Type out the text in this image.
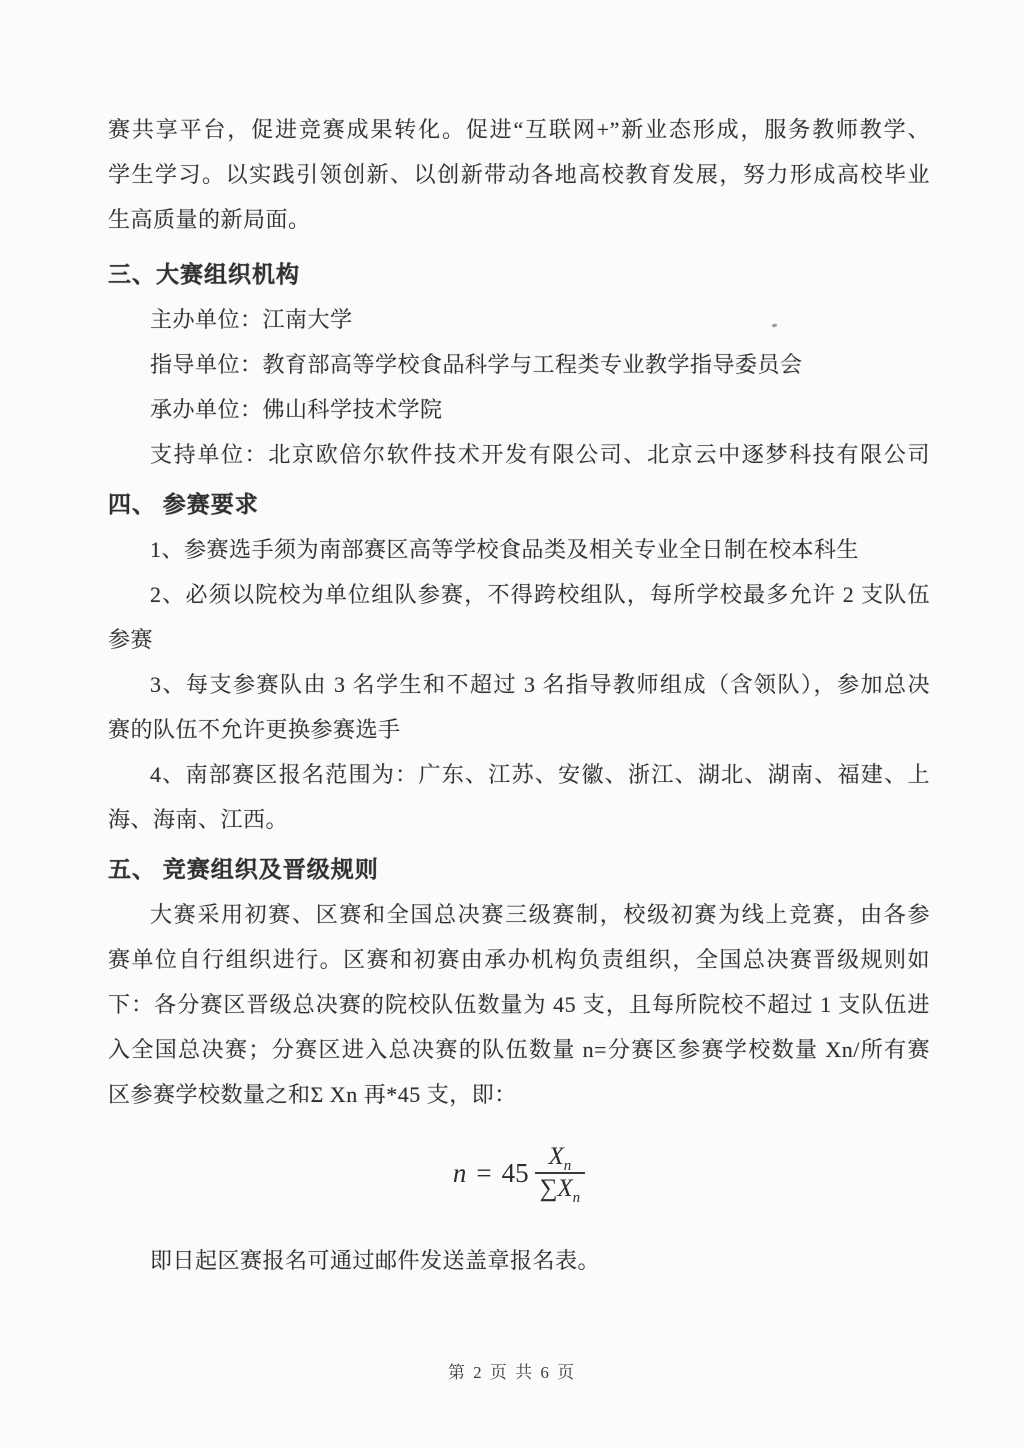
赛共享平台，促进竞赛成果转化。促进“互联网+”新业态形成，服务教师教学、
学生学习。以实践引领创新、以创新带动各地高校教育发展，努力形成高校毕业
生高质量的新局面。
三、大赛组织机构
主办单位：江南大学
指导单位：教育部高等学校食品科学与工程类专业教学指导委员会
承办单位：佛山科学技术学院
支持单位：北京欧倍尔软件技术开发有限公司、北京云中逐梦科技有限公司
四、 参赛要求
1、参赛选手须为南部赛区高等学校食品类及相关专业全日制在校本科生
2、必须以院校为单位组队参赛，不得跨校组队，每所学校最多允许 2 支队伍
参赛
3、每支参赛队由 3 名学生和不超过 3 名指导教师组成（含领队），参加总决
赛的队伍不允许更换参赛选手
4、南部赛区报名范围为：广东、江苏、安徽、浙江、湖北、湖南、福建、上
海、海南、江西。
五、 竞赛组织及晋级规则
大赛采用初赛、区赛和全国总决赛三级赛制，校级初赛为线上竞赛，由各参
赛单位自行组织进行。区赛和初赛由承办机构负责组织，全国总决赛晋级规则如
下：各分赛区晋级总决赛的院校队伍数量为 45 支，且每所院校不超过 1 支队伍进
入全国总决赛；分赛区进入总决赛的队伍数量 n=分赛区参赛学校数量 Xn/所有赛
区参赛学校数量之和Σ Xn 再*45 支，即：
$n = 45 \frac{X_n}{\sum X_n}$
即日起区赛报名可通过邮件发送盖章报名表。
第 2 页 共 6 页
